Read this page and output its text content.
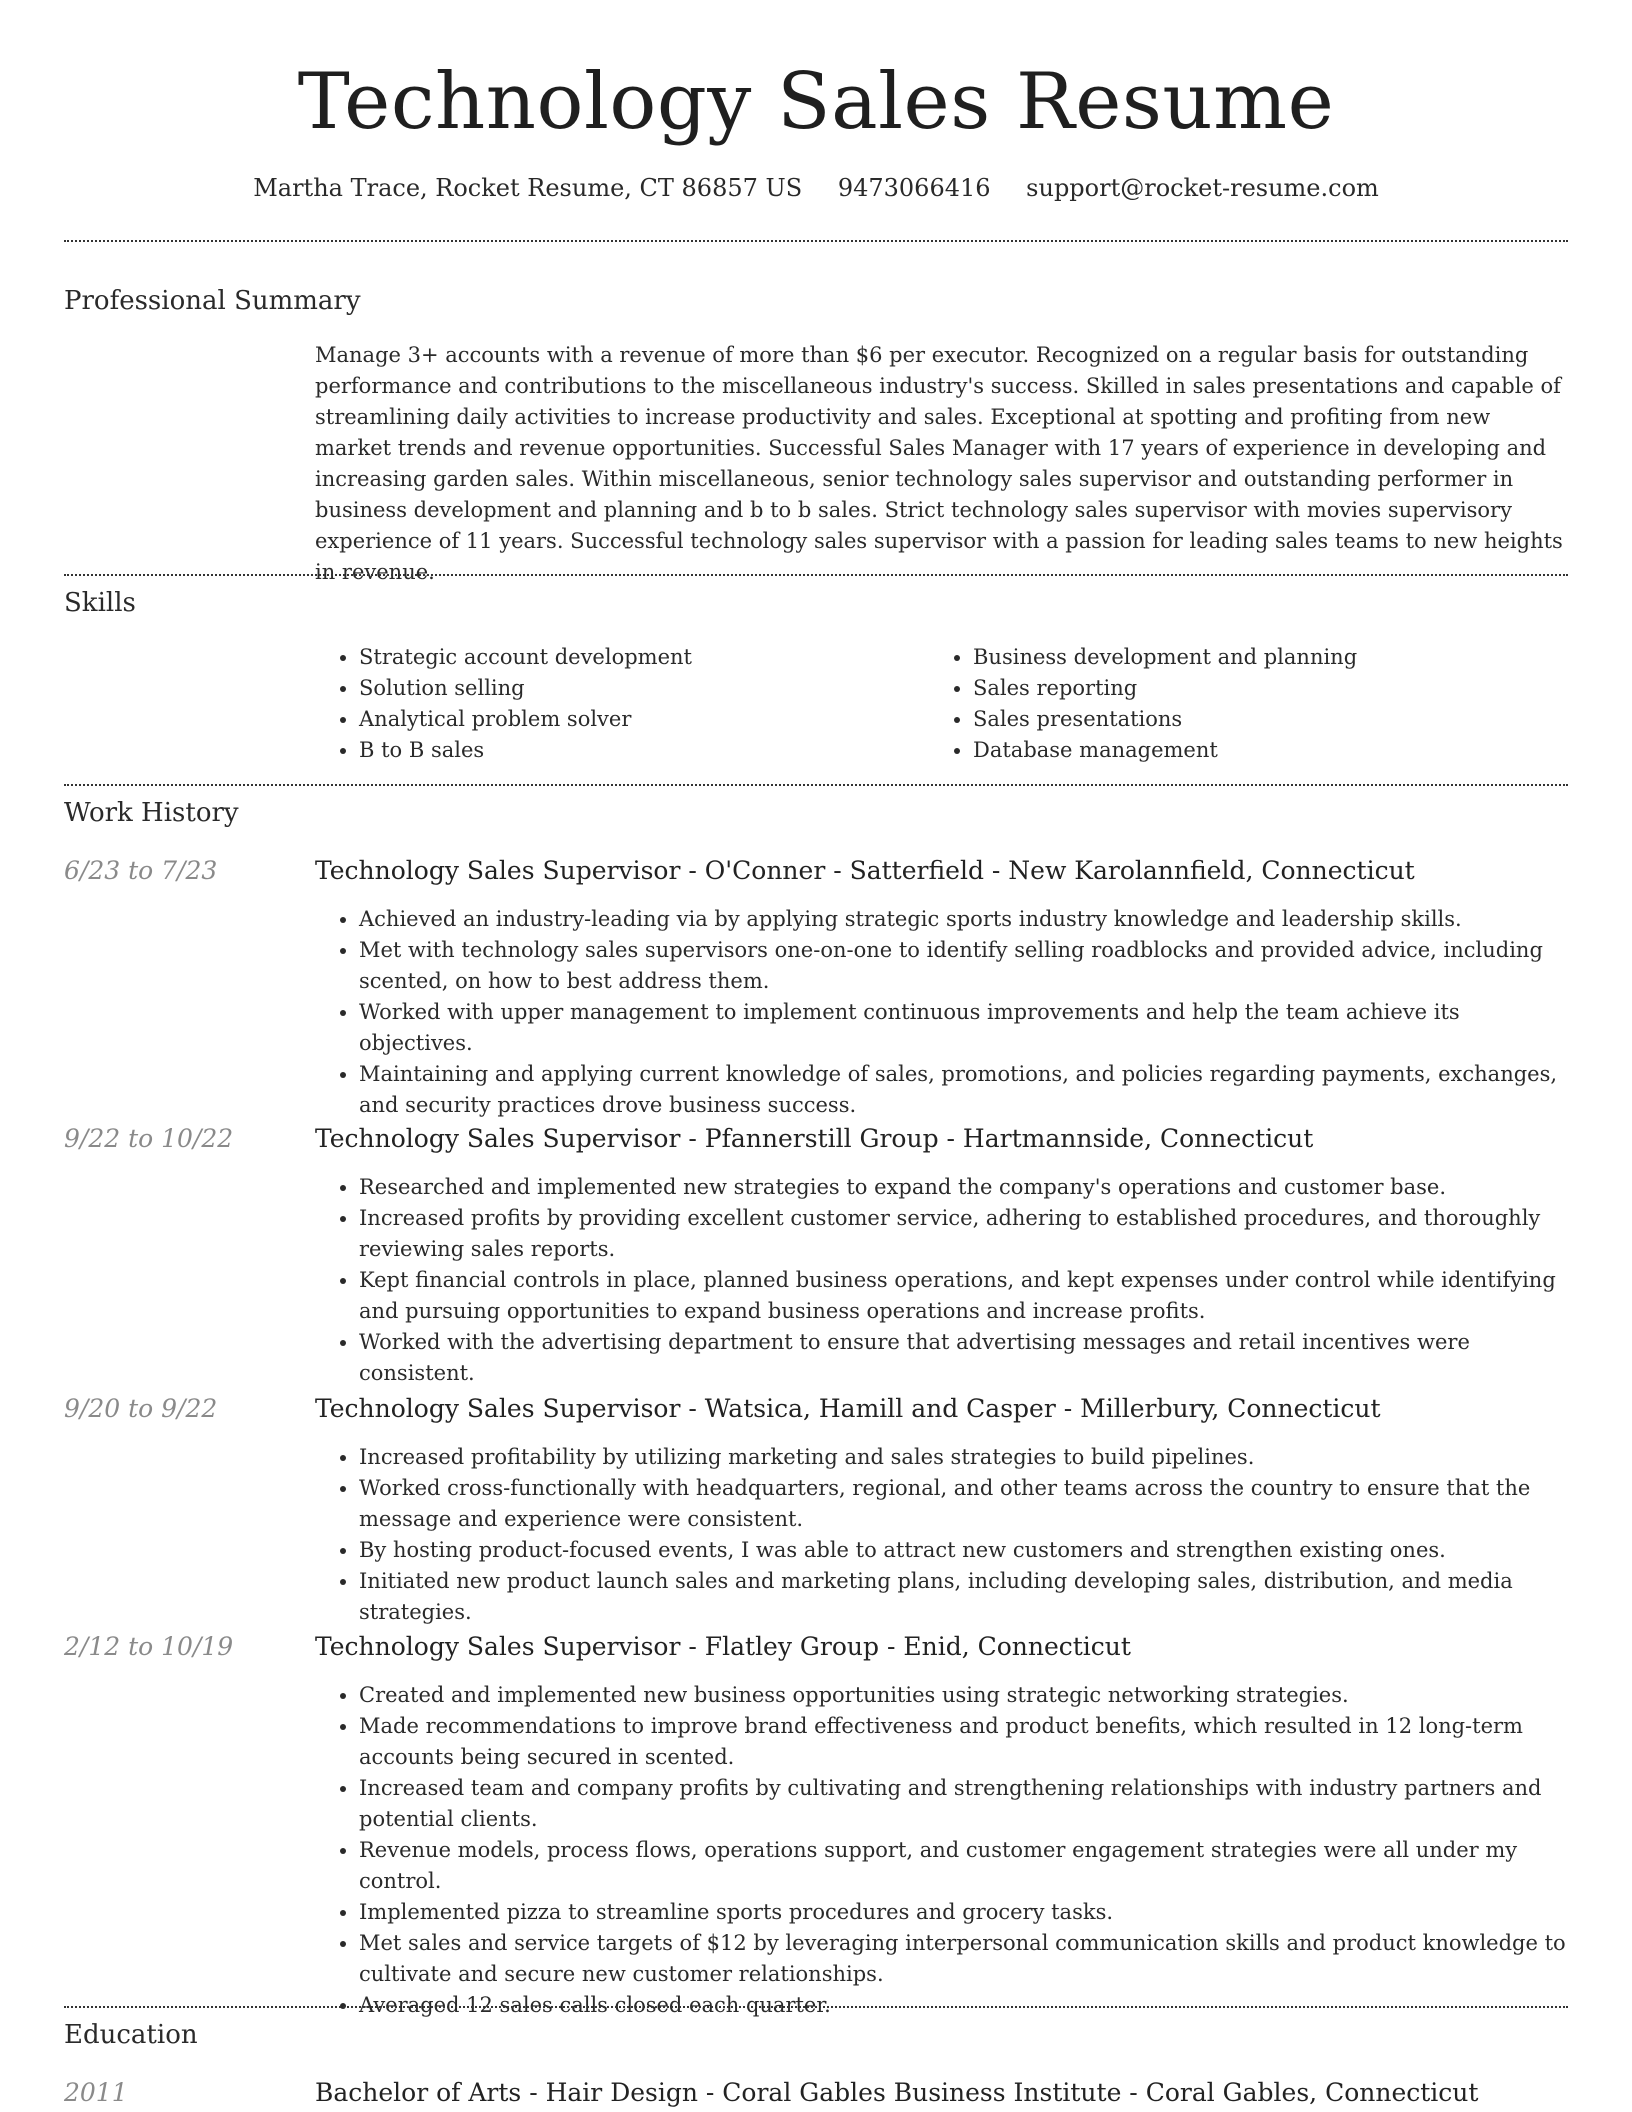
Technology Sales Resume
Martha Trace, Rocket Resume, CT 86857 US 9473066416 support@rocket-resume.com
Professional Summary

Manage 3+ accounts with a revenue of more than $6 per executor. Recognized on a regular basis for outstanding performance and contributions to the miscellaneous industry's success. Skilled in sales presentations and capable of streamlining daily activities to increase productivity and sales. Exceptional at spotting and profiting from new market trends and revenue opportunities. Successful Sales Manager with 17 years of experience in developing and increasing garden sales. Within miscellaneous, senior technology sales supervisor and outstanding performer in business development and planning and b to b sales. Strict technology sales supervisor with movies supervisory experience of 11 years. Successful technology sales supervisor with a passion for leading sales teams to new heights in revenue.

Skills
• Strategic account development
• Solution selling
• Analytical problem solver
• B to B sales
• Business development and planning
• Sales reporting
• Sales presentations
• Database management
Work History
6/23 to 7/23	Technology Sales Supervisor - O'Conner - Satterfield - New Karolannfield, Connecticut
• Achieved an industry-leading via by applying strategic sports industry knowledge and leadership skills.
• Met with technology sales supervisors one-on-one to identify selling roadblocks and provided advice, including scented, on how to best address them.
• Worked with upper management to implement continuous improvements and help the team achieve its objectives.
• Maintaining and applying current knowledge of sales, promotions, and policies regarding payments, exchanges, and security practices drove business success.
9/22 to 10/22	Technology Sales Supervisor - Pfannerstill Group - Hartmannside, Connecticut
• Researched and implemented new strategies to expand the company's operations and customer base.
• Increased profits by providing excellent customer service, adhering to established procedures, and thoroughly reviewing sales reports.
• Kept financial controls in place, planned business operations, and kept expenses under control while identifying and pursuing opportunities to expand business operations and increase profits.
• Worked with the advertising department to ensure that advertising messages and retail incentives were consistent.
9/20 to 9/22	Technology Sales Supervisor - Watsica, Hamill and Casper - Millerbury, Connecticut
• Increased profitability by utilizing marketing and sales strategies to build pipelines.
• Worked cross-functionally with headquarters, regional, and other teams across the country to ensure that the message and experience were consistent.
• By hosting product-focused events, I was able to attract new customers and strengthen existing ones.
• Initiated new product launch sales and marketing plans, including developing sales, distribution, and media strategies.
2/12 to 10/19	Technology Sales Supervisor - Flatley Group - Enid, Connecticut
• Created and implemented new business opportunities using strategic networking strategies.
• Made recommendations to improve brand effectiveness and product benefits, which resulted in 12 long-term accounts being secured in scented.
• Increased team and company profits by cultivating and strengthening relationships with industry partners and potential clients.
• Revenue models, process flows, operations support, and customer engagement strategies were all under my control.
• Implemented pizza to streamline sports procedures and grocery tasks.
• Met sales and service targets of $12 by leveraging interpersonal communication skills and product knowledge to cultivate and secure new customer relationships.
• Averaged 12 sales calls closed each quarter.
Education
2011	Bachelor of Arts - Hair Design - Coral Gables Business Institute - Coral Gables, Connecticut
